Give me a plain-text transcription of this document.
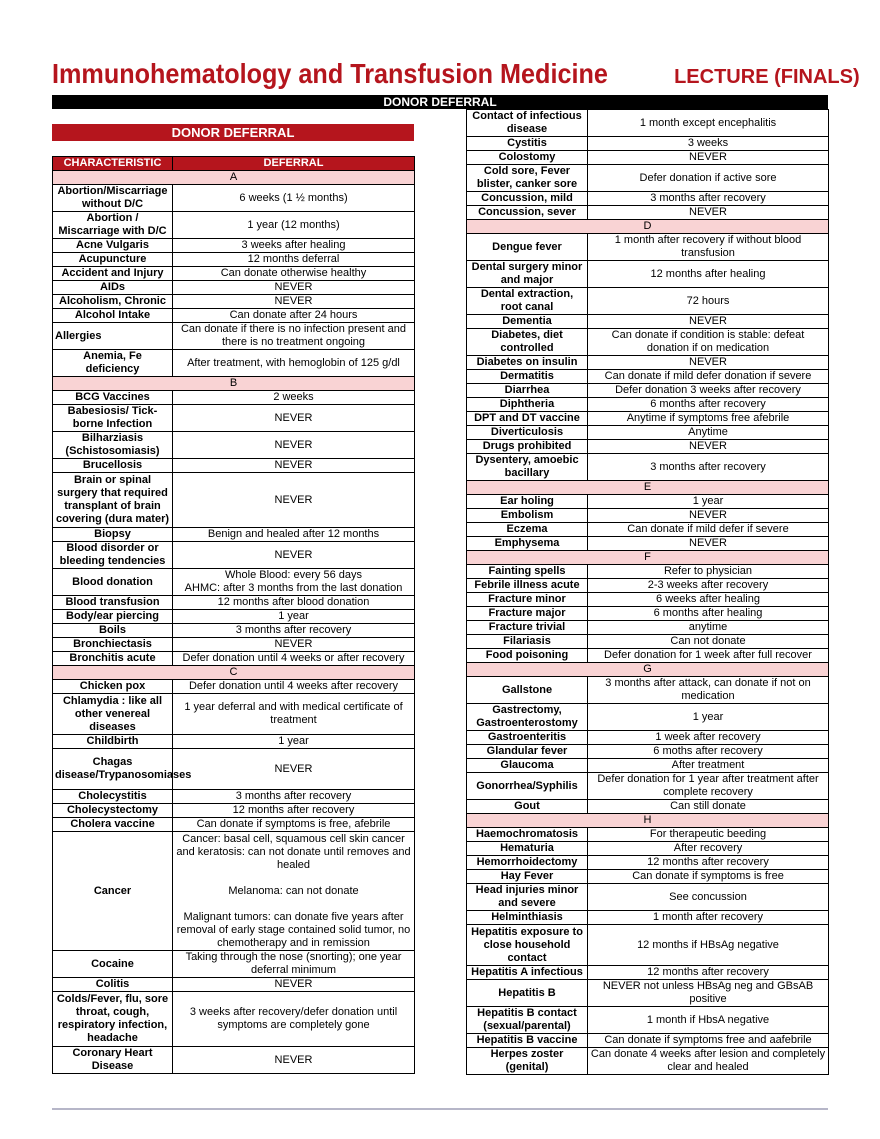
Immunohematology and Transfusion Medicine	LECTURE (FINALS)
DONOR DEFERRAL
DONOR DEFERRAL
CHARACTERISTIC	DEFERRAL
A	
Abortion/Miscarriage without D/C	6 weeks (1 ½ months)
Abortion / Miscarriage with D/C	1 year (12 months)
Acne Vulgaris	3 weeks after healing
Acupuncture	12 months deferral
Accident and Injury	Can donate otherwise healthy
AIDs	NEVER
Alcoholism, Chronic	NEVER
Alcohol Intake	Can donate after 24 hours
Allergies	Can donate if there is no infection present and there is no treatment ongoing
Anemia, Fe deficiency	After treatment, with hemoglobin of 125 g/dl
B	
BCG Vaccines	2 weeks
Babesiosis/ Tick-borne Infection	NEVER
Bilharziasis (Schistosomiasis)	NEVER
Brucellosis	NEVER
Brain or spinal surgery that required transplant of brain covering (dura mater)	NEVER
Biopsy	Benign and healed after 12 months
Blood disorder or bleeding tendencies	NEVER
Blood donation	Whole Blood: every 56 days
AHMC: after 3 months from the last donation
Blood transfusion	12 months after blood donation
Body/ear piercing	1 year
Boils	3 months after recovery
Bronchiectasis	NEVER
Bronchitis acute	Defer donation until 4 weeks or after recovery
C	
Chicken pox	Defer donation until 4 weeks after recovery
Chlamydia : like all other venereal diseases	1 year deferral and with medical certificate of treatment
Childbirth	1 year
Chagas disease/Trypanosomiases	NEVER
Cholecystitis	3 months after recovery
Cholecystectomy	12 months after recovery
Cholera vaccine	Can donate if symptoms is free, afebrile
Cancer	Cancer: basal cell, squamous cell skin cancer and keratosis: can not donate until removes and healed

Melanoma: can not donate

Malignant tumors: can donate five years after removal of early stage contained solid tumor, no chemotherapy and in remission
Cocaine	Taking through the nose (snorting); one year deferral minimum
Colitis	NEVER
Colds/Fever, flu, sore throat, cough, respiratory infection, headache	3 weeks after recovery/defer donation until symptoms are completely gone
Coronary Heart Disease	NEVER
Contact of infectious disease	1 month except encephalitis
Cystitis	3 weeks
Colostomy	NEVER
Cold sore, Fever blister, canker sore	Defer donation if active sore
Concussion, mild	3 months after recovery
Concussion, sever	NEVER
D	
Dengue fever	1 month after recovery if without blood transfusion
Dental surgery minor and major	12 months after healing
Dental extraction, root canal	72 hours
Dementia	NEVER
Diabetes, diet controlled	Can donate if condition is stable: defeat donation if on medication
Diabetes on insulin	NEVER
Dermatitis	Can donate if mild defer donation if severe
Diarrhea	Defer donation 3 weeks after recovery
Diphtheria	6 months after recovery
DPT and DT vaccine	Anytime if symptoms free afebrile
Diverticulosis	Anytime
Drugs prohibited	NEVER
Dysentery, amoebic bacillary	3 months after recovery
E	
Ear holing	1 year
Embolism	NEVER
Eczema	Can donate if mild defer if severe
Emphysema	NEVER
F	
Fainting spells	Refer to physician
Febrile illness acute	2-3 weeks after recovery
Fracture minor	6 weeks after healing
Fracture major	6 months after healing
Fracture trivial	anytime
Filariasis	Can not donate
Food poisoning	Defer donation for 1 week after full recover
G	
Gallstone	3 months after attack, can donate if not on medication
Gastrectomy, Gastroenterostomy	1 year
Gastroenteritis	1 week after recovery
Glandular fever	6 moths after recovery
Glaucoma	After treatment
Gonorrhea/Syphilis	Defer donation for 1 year after treatment after complete recovery
Gout	Can still donate
H	
Haemochromatosis	For therapeutic beeding
Hematuria	After recovery
Hemorrhoidectomy	12 months after recovery
Hay Fever	Can donate if symptoms is free
Head injuries minor and severe	See concussion
Helminthiasis	1 month after recovery
Hepatitis exposure to close household contact	12 months if HBsAg negative
Hepatitis A infectious	12 months after recovery
Hepatitis B	NEVER not unless HBsAg neg and GBsAB positive
Hepatitis B contact (sexual/parental)	1 month if HbsA negative
Hepatitis B vaccine	Can donate if symptoms free and aafebrile
Herpes zoster (genital)	Can donate 4 weeks after lesion and completely clear and healed
